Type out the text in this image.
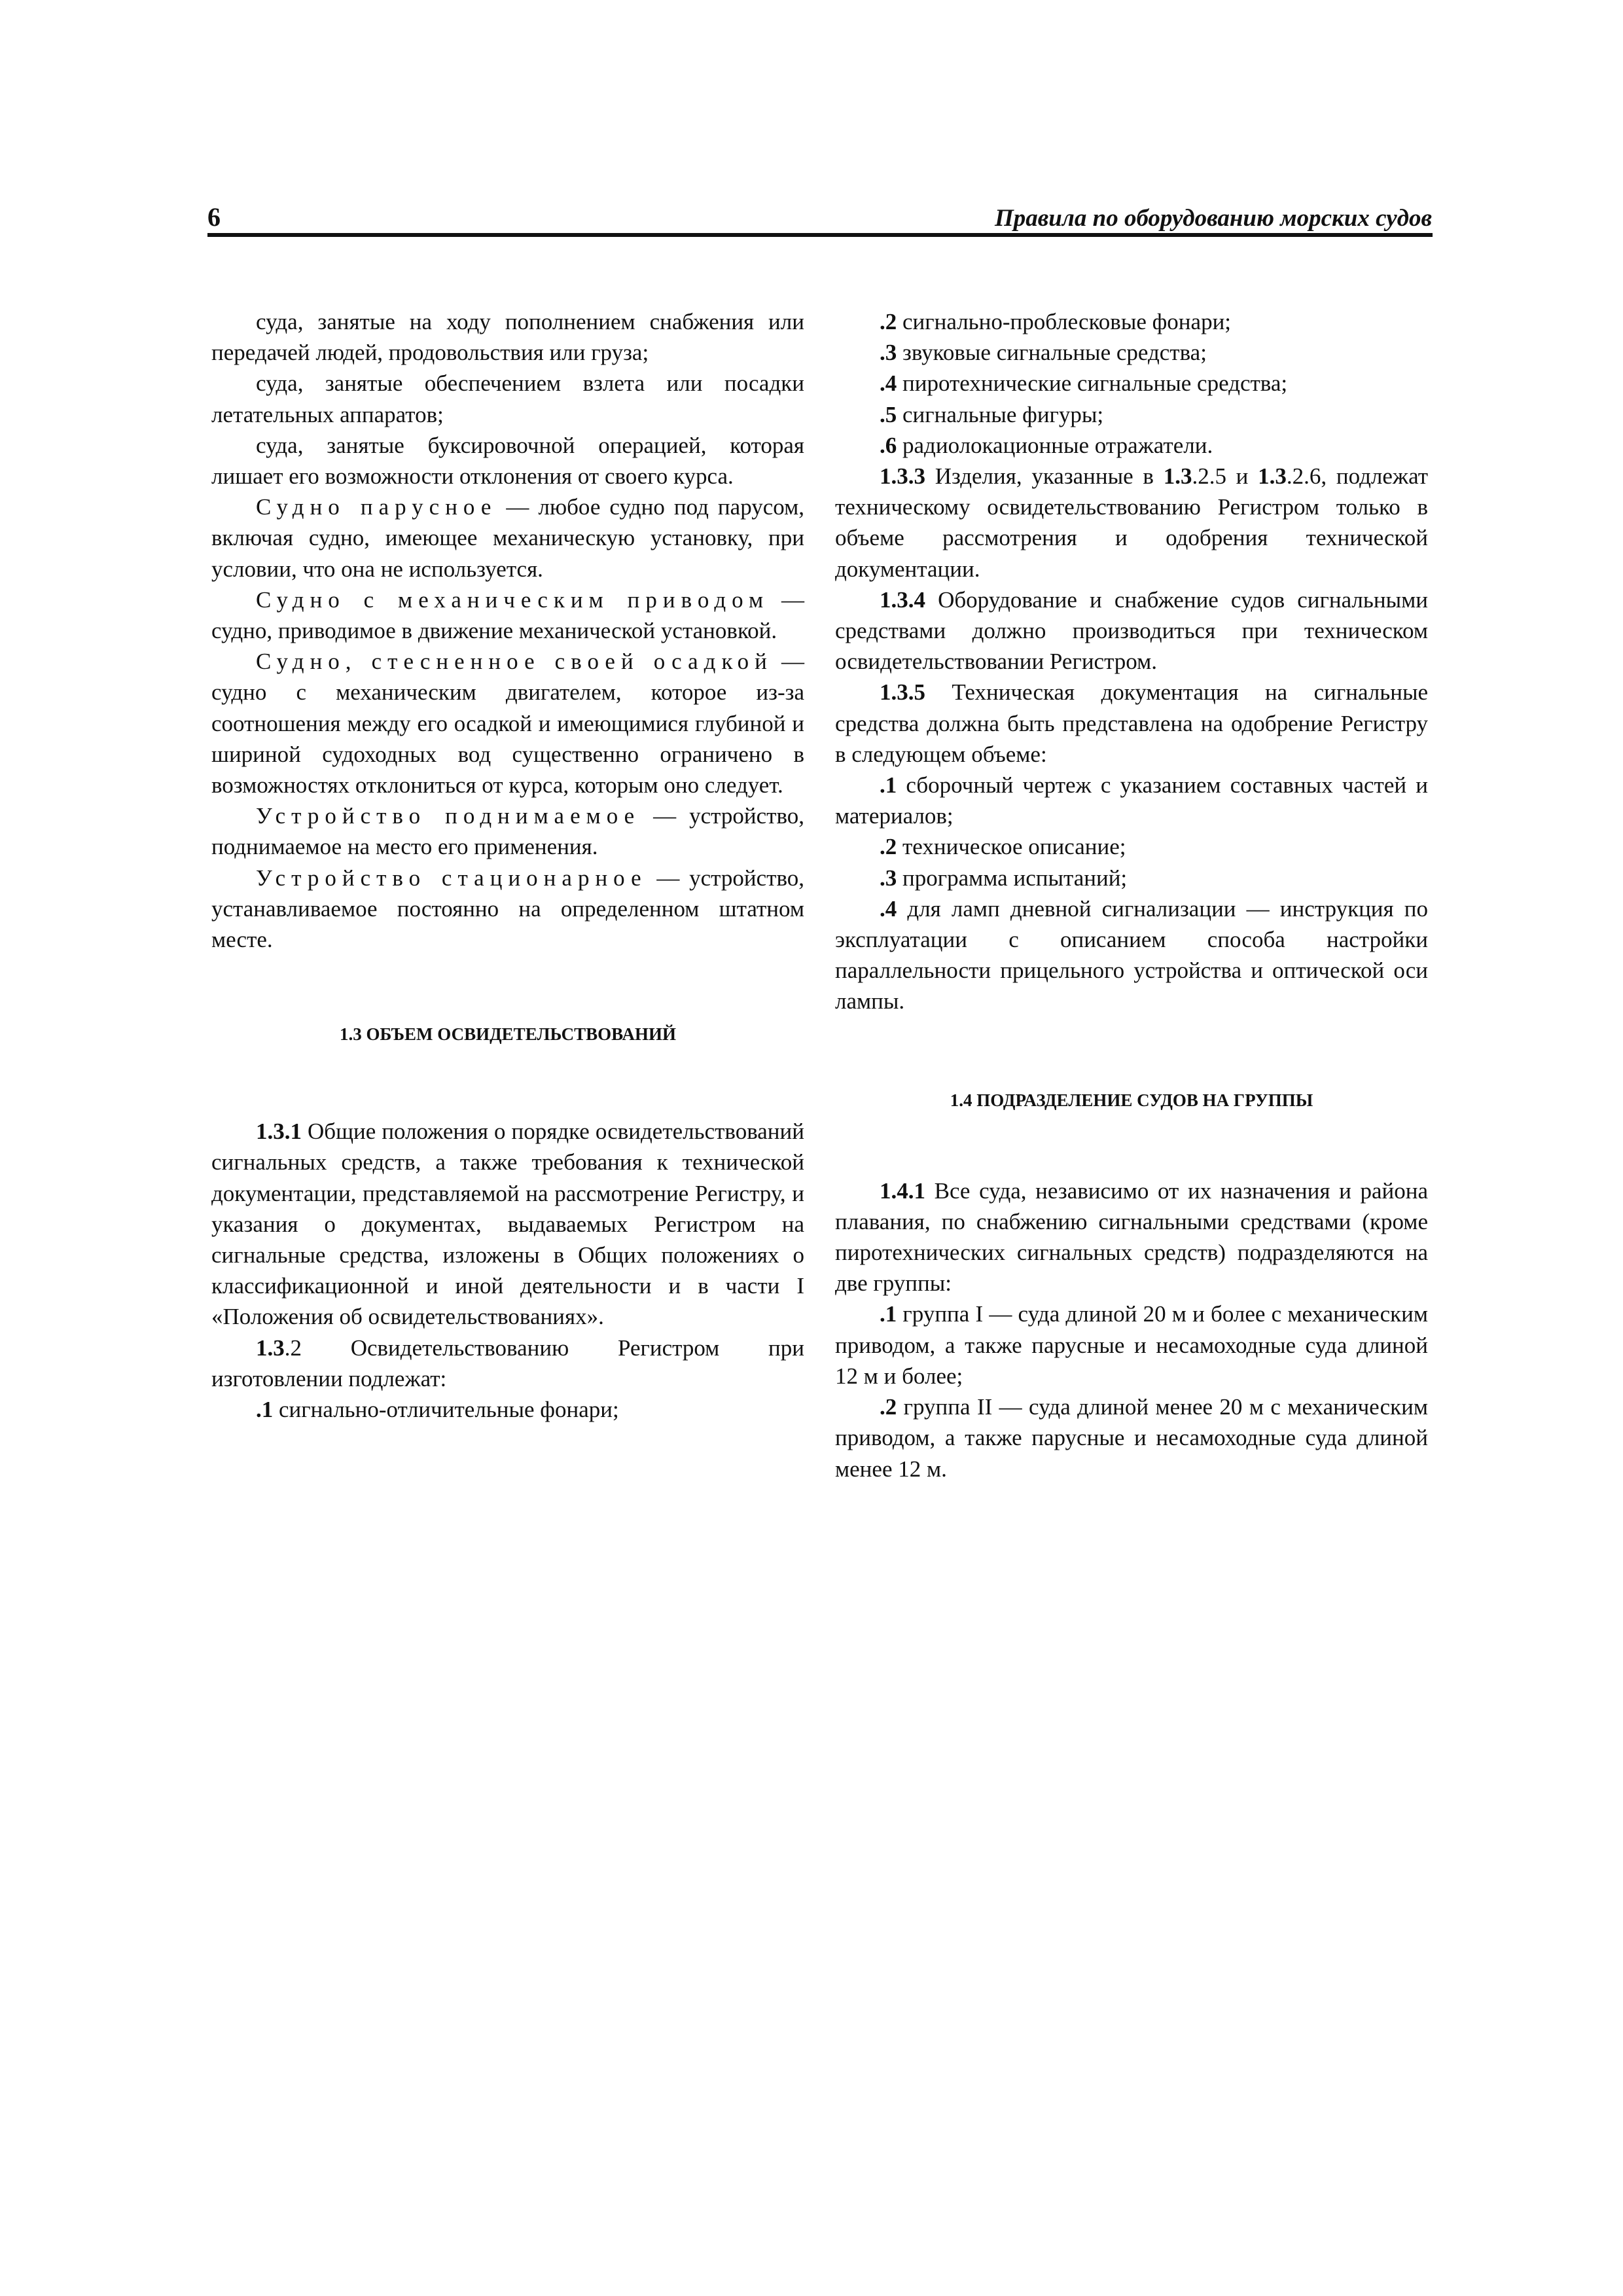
6	Правила по оборудованию морских судов

суда, занятые на ходу пополнением снабжения или передачей людей, продовольствия или груза;

суда, занятые обеспечением взлета или посадки летательных аппаратов;

суда, занятые буксировочной операцией, которая лишает его возможности отклонения от своего курса.

Судно парусное — любое судно под парусом, включая судно, имеющее механическую установку, при условии, что она не используется.

Судно с механическим приводом — судно, приводимое в движение механической установкой.

Судно, стесненное своей осадкой — судно с механическим двигателем, которое из-за соотношения между его осадкой и имеющимися глубиной и шириной судоходных вод существенно ограничено в возможностях отклониться от курса, которым оно следует.

Устройство поднимаемое — устройство, поднимаемое на место его применения.

Устройство стационарное — устройство, устанавливаемое постоянно на определенном штатном месте.

1.3 ОБЪЕМ ОСВИДЕТЕЛЬСТВОВАНИЙ

1.3.1 Общие положения о порядке освидетельствований сигнальных средств, а также требования к технической документации, представляемой на рассмотрение Регистру, и указания о документах, выдаваемых Регистром на сигнальные средства, изложены в Общих положениях о классификационной и иной деятельности и в части I «Положения об освидетельствованиях».

1.3.2 Освидетельствованию Регистром при изготовлении подлежат:

.1 сигнально-отличительные фонари;

.2 сигнально-проблесковые фонари;

.3 звуковые сигнальные средства;

.4 пиротехнические сигнальные средства;

.5 сигнальные фигуры;

.6 радиолокационные отражатели.

1.3.3 Изделия, указанные в 1.3.2.5 и 1.3.2.6, подлежат техническому освидетельствованию Регистром только в объеме рассмотрения и одобрения технической документации.

1.3.4 Оборудование и снабжение судов сигнальными средствами должно производиться при техническом освидетельствовании Регистром.

1.3.5 Техническая документация на сигнальные средства должна быть представлена на одобрение Регистру в следующем объеме:

.1 сборочный чертеж с указанием составных частей и материалов;

.2 техническое описание;

.3 программа испытаний;

.4 для ламп дневной сигнализации — инструкция по эксплуатации с описанием способа настройки параллельности прицельного устройства и оптической оси лампы.

1.4 ПОДРАЗДЕЛЕНИЕ СУДОВ НА ГРУППЫ

1.4.1 Все суда, независимо от их назначения и района плавания, по снабжению сигнальными средствами (кроме пиротехнических сигнальных средств) подразделяются на две группы:

.1 группа I — суда длиной 20 м и более с механическим приводом, а также парусные и несамоходные суда длиной 12 м и более;

.2 группа II — суда длиной менее 20 м с механическим приводом, а также парусные и несамоходные суда длиной менее 12 м.
